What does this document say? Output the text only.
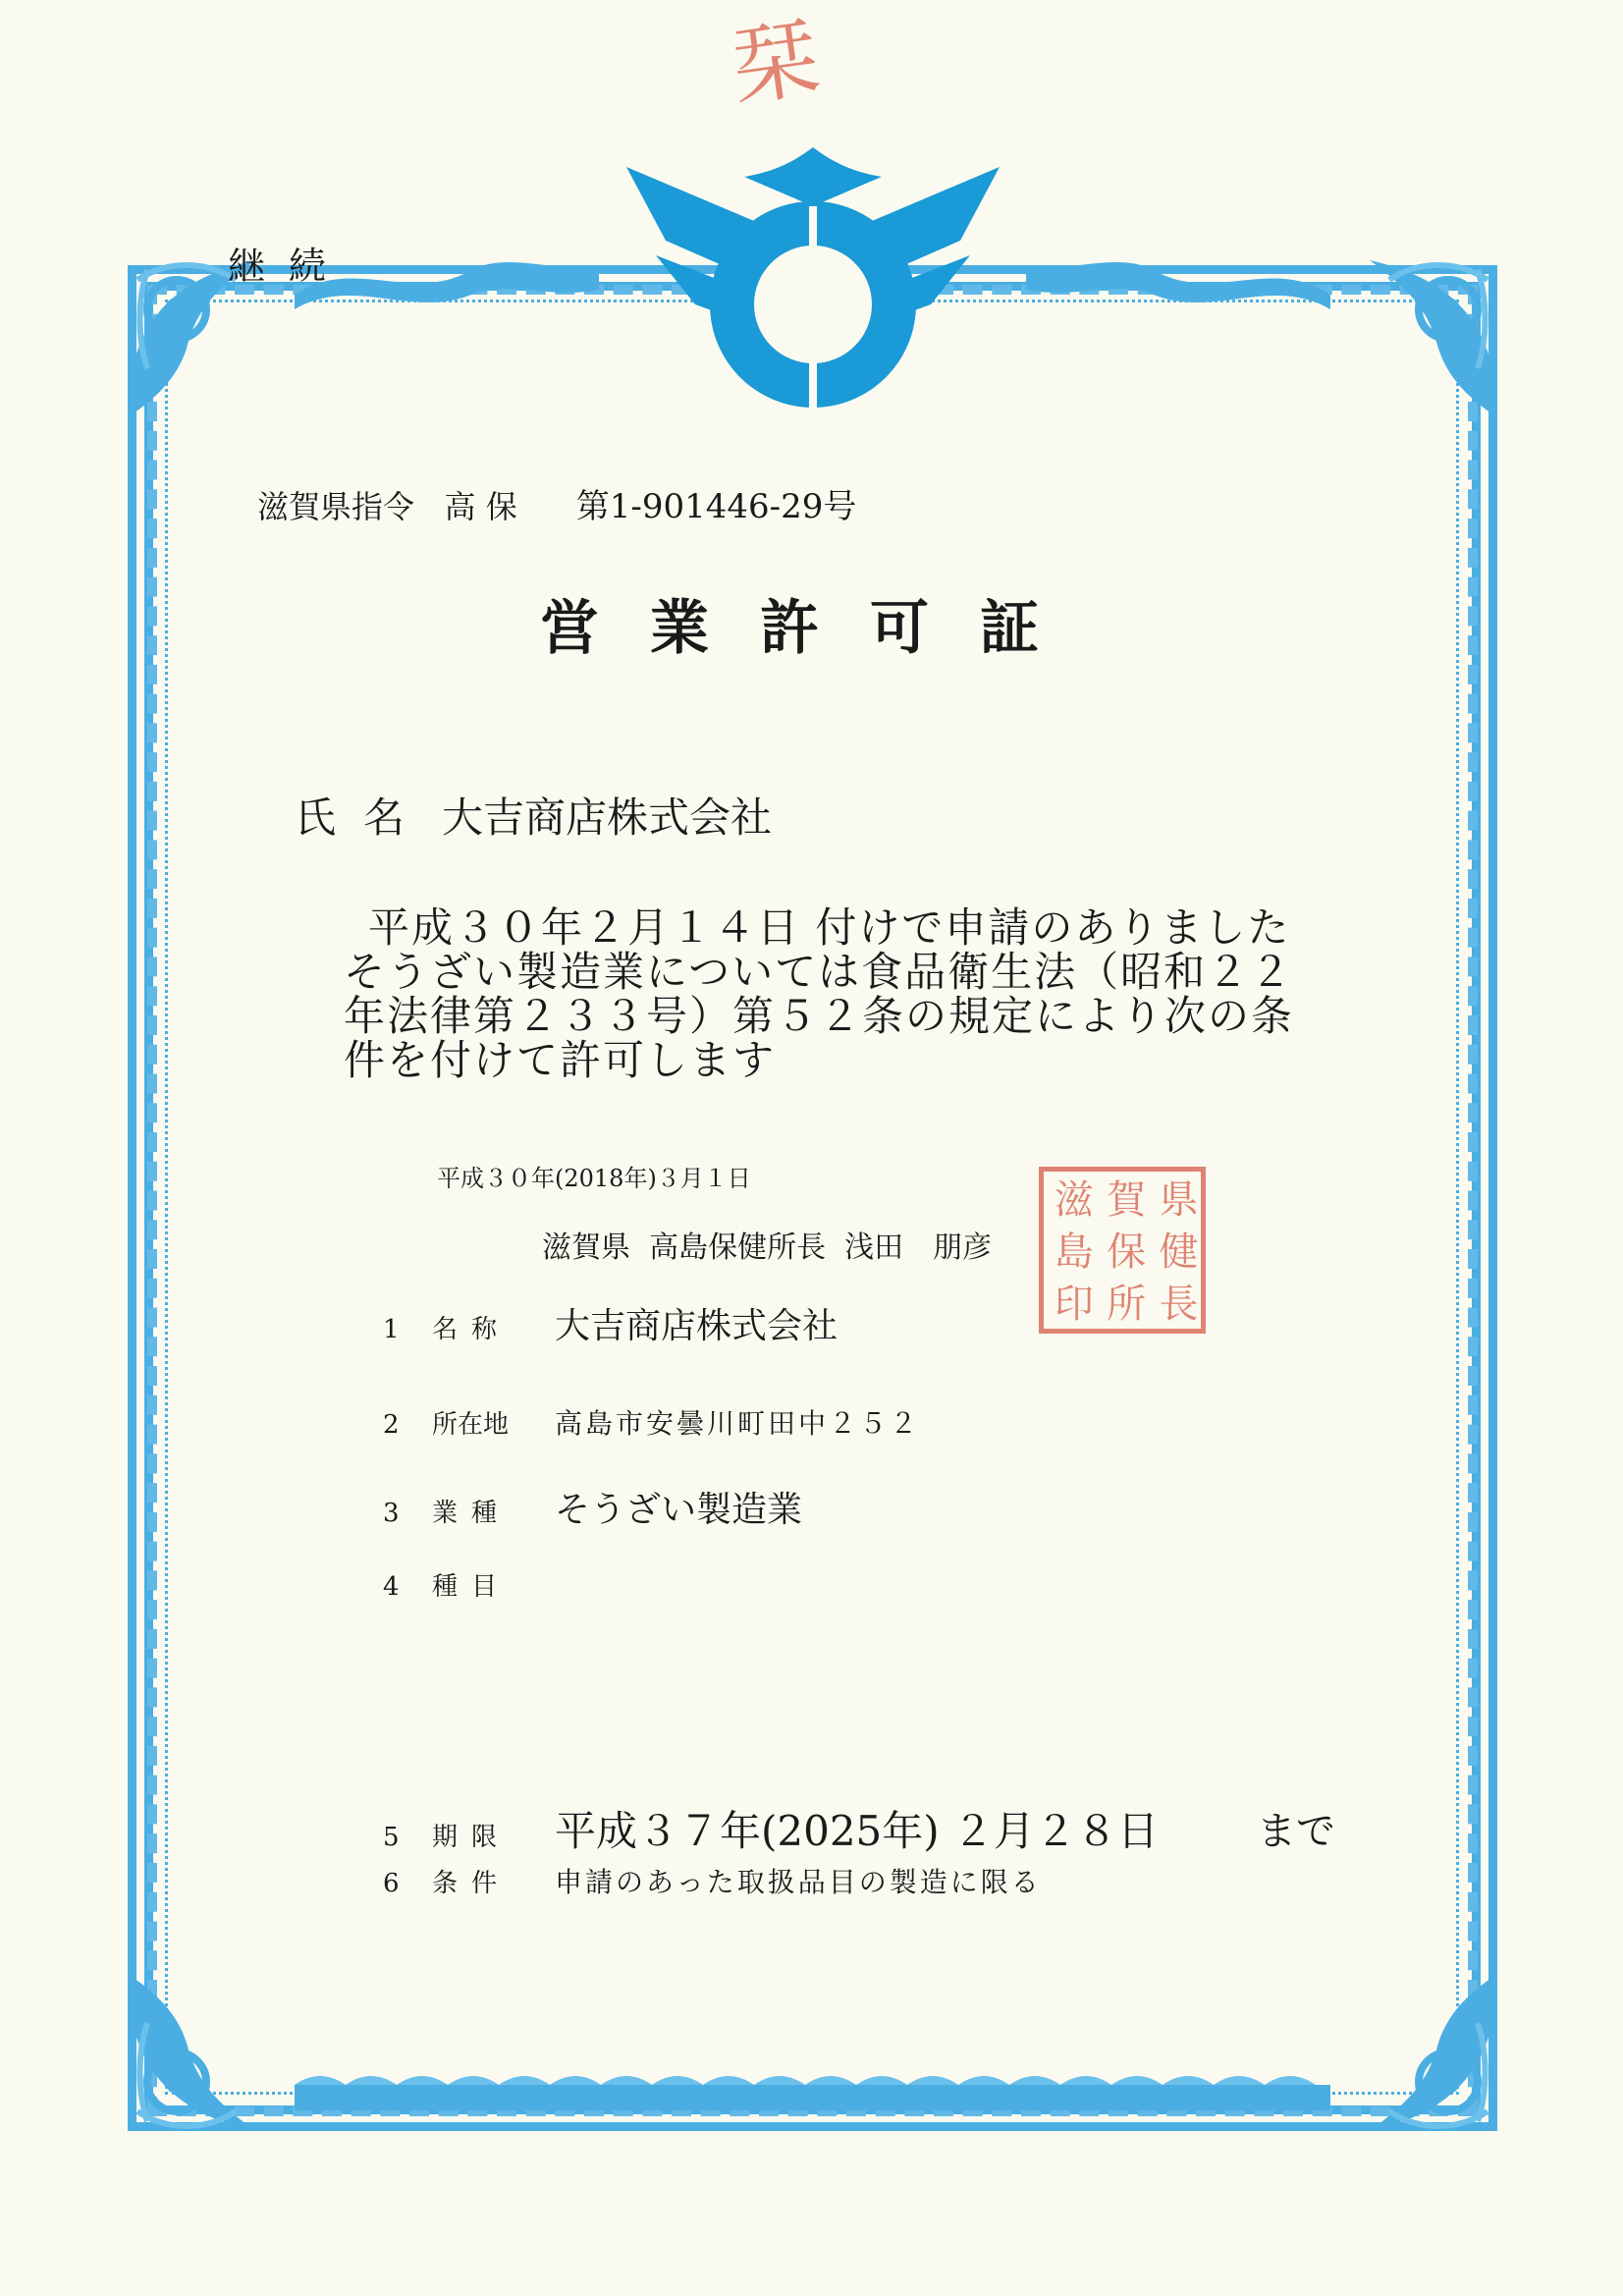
栞
継続
滋賀県指令 高 保 第1-901446-29号
営業許可証
氏名 大吉商店株式会社

平成３０年２月１４日 付けで申請のありました

そうざい製造業については食品衛生法（昭和２２

年法律第２３３号）第５２条の規定により次の条

件を付けて許可します

平成３０年(2018年)３月１日
滋賀県 高島保健所長 浅田　朋彦
県
健
長
賀
保
所
滋
島
印
1	名称	大吉商店株式会社
2	所在地	高島市安曇川町田中２５２
3	業種	そうざい製造業
4	種目
5	期限	平成３７年(2025年) ２月２８日 まで
6	条件	申請のあった取扱品目の製造に限る
